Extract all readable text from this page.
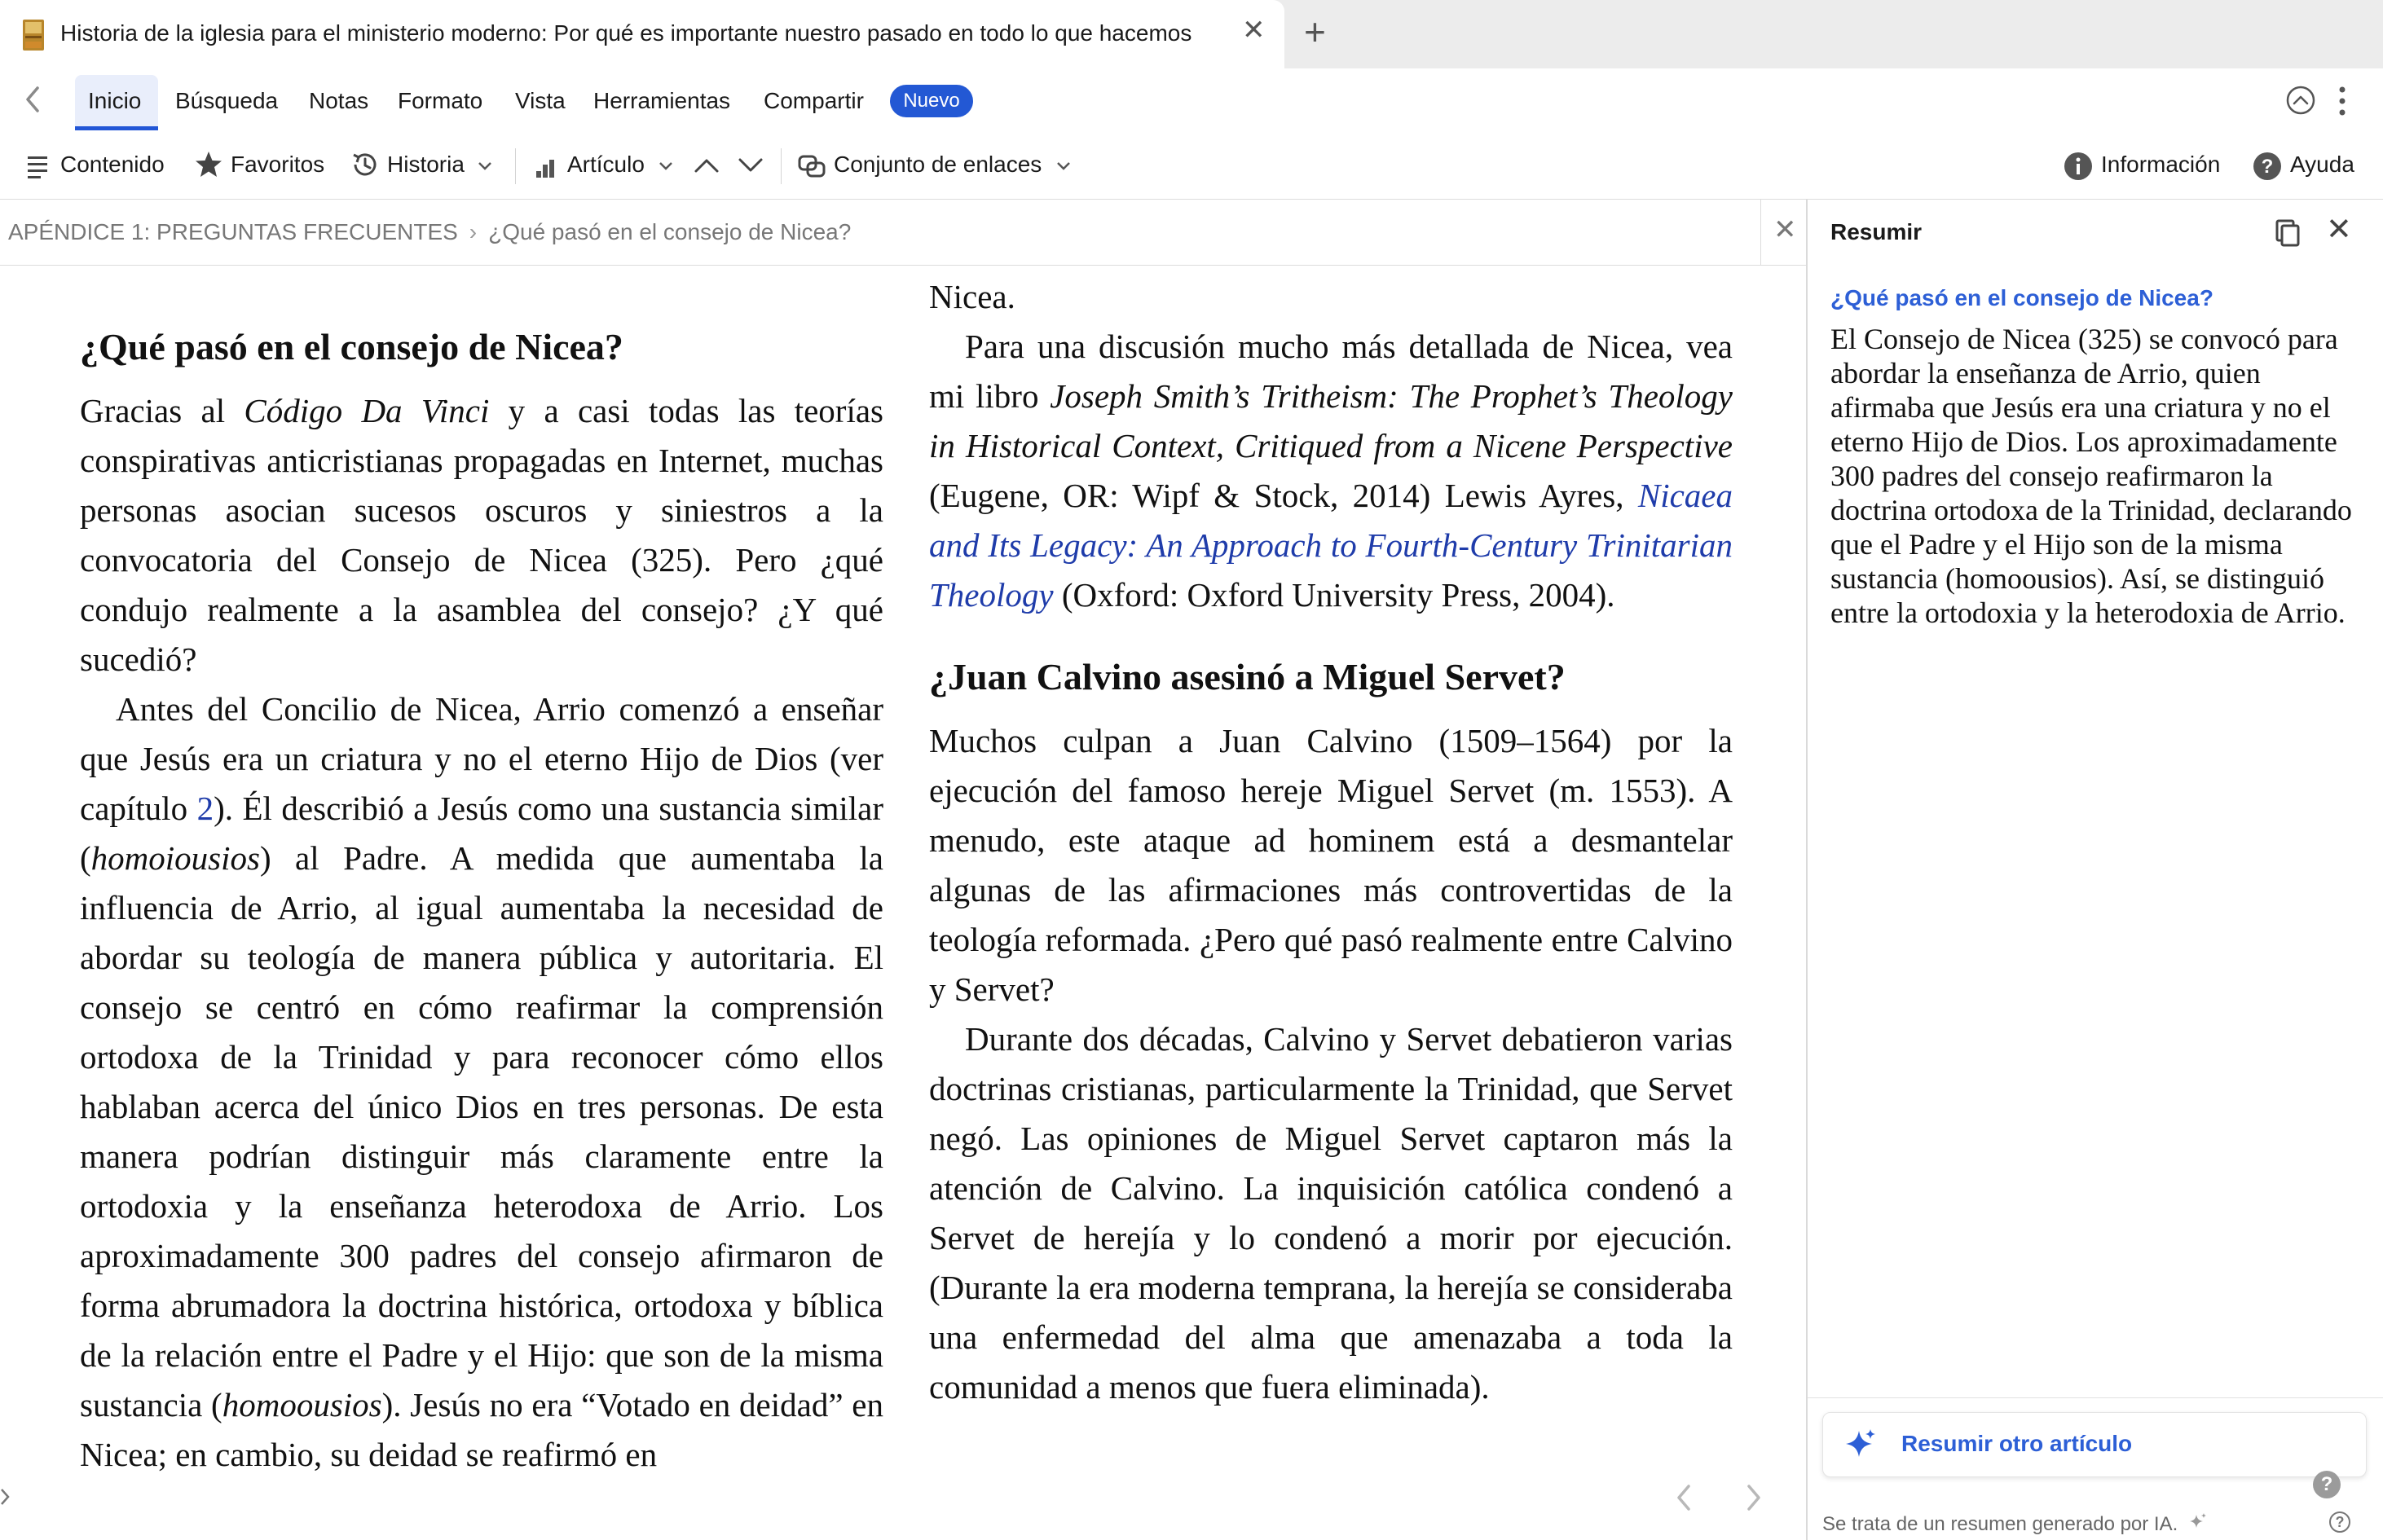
Historia de la iglesia para el ministerio moderno: Por qué es importante nuestro pasado en todo lo que hacemos ✕ +
Inicio Búsqueda Notas Formato Vista Herramientas Compartir	Nuevo
Contenido	Favoritos	Historia	Artículo	Conjunto de enlaces	Información ? Ayuda
APÉNDICE 1: PREGUNTAS FRECUENTES › ¿Qué pasó en el consejo de Nicea?	✕
¿Qué pasó en el consejo de Nicea?

Gracias al Código Da Vinci y a casi todas las teorías conspirativas anticristianas propagadas en Internet, muchas personas asocian sucesos oscuros y siniestros a la convocatoria del Consejo de Nicea (325). Pero ¿qué condujo realmente a la asamblea del consejo? ¿Y qué sucedió?

Antes del Concilio de Nicea, Arrio comenzó a enseñar que Jesús era un criatura y no el eterno Hijo de Dios (ver capítulo 2). Él describió a Jesús como una sustancia similar (homoiousios) al Padre. A medida que aumentaba la influencia de Arrio, al igual aumentaba la necesidad de abordar su teología de manera pública y autoritaria. El consejo se centró en cómo reafirmar la comprensión ortodoxa de la Trinidad y para reconocer cómo ellos hablaban acerca del único Dios en tres personas. De esta manera podrían distinguir más claramente entre la ortodoxia y la enseñanza heterodoxa de Arrio. Los aproximadamente 300 padres del consejo afirmaron de forma abrumadora la doctrina histórica, ortodoxa y bíblica de la relación entre el Padre y el Hijo: que son de la misma sustancia (homoousios). Jesús no era “Votado en deidad” en Nicea; en cambio, su deidad se reafirmó en

Nicea.

Para una discusión mucho más detallada de Nicea, vea mi libro Joseph Smith’s Tritheism: The Prophet’s Theology in Historical Context, Critiqued from a Nicene Perspective (Eugene, OR: Wipf & Stock, 2014) Lewis Ayres, Nicaea and Its Legacy: An Approach to Fourth-Century Trinitarian Theology (Oxford: Oxford University Press, 2004).

¿Juan Calvino asesinó a Miguel Servet?

Muchos culpan a Juan Calvino (1509–1564) por la ejecución del famoso hereje Miguel Servet (m. 1553). A menudo, este ataque ad hominem está a desmantelar algunas de las afirmaciones más controvertidas de la teología reformada. ¿Pero qué pasó realmente entre Calvino y Servet?

Durante dos décadas, Calvino y Servet debatieron varias doctrinas cristianas, particularmente la Trinidad, que Servet negó. Las opiniones de Miguel Servet captaron más la atención de Calvino. La inquisición católica condenó a Servet de herejía y lo condenó a morir por ejecución. (Durante la era moderna temprana, la herejía se consideraba una enfermedad del alma que amenazaba a toda la comunidad a menos que fuera eliminada).

Resumir	✕
¿Qué pasó en el consejo de Nicea?
El Consejo de Nicea (325) se convocó para abordar la enseñanza de Arrio, quien afirmaba que Jesús era una criatura y no el eterno Hijo de Dios. Los aproximadamente 300 padres del consejo reafirmaron la doctrina ortodoxa de la Trinidad, declarando que el Padre y el Hijo son de la misma sustancia (homoousios). Así, se distinguió entre la ortodoxia y la heterodoxia de Arrio.
Resumir otro artículo
?
Se trata de un resumen generado por IA.	?
